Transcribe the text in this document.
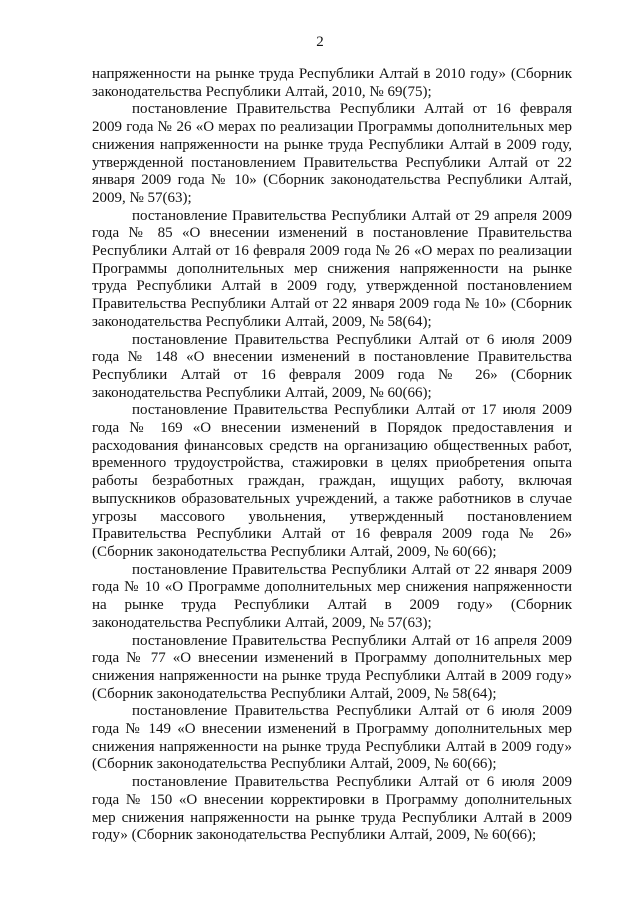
2

напряженности на рынке труда Республики Алтай в 2010 году» (Сборник законодательства Республики Алтай, 2010, № 69(75);

постановление Правительства Республики Алтай от 16 февраля 2009 года № 26 «О мерах по реализации Программы дополнительных мер снижения напряженности на рынке труда Республики Алтай в 2009 году, утвержденной постановлением Правительства Республики Алтай от 22 января 2009 года № 10» (Сборник законодательства Республики Алтай, 2009, № 57(63);

постановление Правительства Республики Алтай от 29 апреля 2009 года № 85 «О внесении изменений в постановление Правительства Республики Алтай от 16 февраля 2009 года № 26 «О мерах по реализации Программы дополнительных мер снижения напряженности на рынке труда Республики Алтай в 2009 году, утвержденной постановлением Правительства Республики Алтай от 22 января 2009 года № 10» (Сборник законодательства Республики Алтай, 2009, № 58(64);

постановление Правительства Республики Алтай от 6 июля 2009 года № 148 «О внесении изменений в постановление Правительства Республики Алтай от 16 февраля 2009 года № 26» (Сборник законодательства Республики Алтай, 2009, № 60(66);

постановление Правительства Республики Алтай от 17 июля 2009 года № 169 «О внесении изменений в Порядок предоставления и расходования финансовых средств на организацию общественных работ, временного трудоустройства, стажировки в целях приобретения опыта работы безработных граждан, граждан, ищущих работу, включая выпускников образовательных учреждений, а также работников в случае угрозы массового увольнения, утвержденный постановлением Правительства Республики Алтай от 16 февраля 2009 года № 26» (Сборник законодательства Республики Алтай, 2009, № 60(66);

постановление Правительства Республики Алтай от 22 января 2009 года № 10 «О Программе дополнительных мер снижения напряженности на рынке труда Республики Алтай в 2009 году» (Сборник законодательства Республики Алтай, 2009, № 57(63);

постановление Правительства Республики Алтай от 16 апреля 2009 года № 77 «О внесении изменений в Программу дополнительных мер снижения напряженности на рынке труда Республики Алтай в 2009 году» (Сборник законодательства Республики Алтай, 2009, № 58(64);

постановление Правительства Республики Алтай от 6 июля 2009 года № 149 «О внесении изменений в Программу дополнительных мер снижения напряженности на рынке труда Республики Алтай в 2009 году» (Сборник законодательства Республики Алтай, 2009, № 60(66);

постановление Правительства Республики Алтай от 6 июля 2009 года № 150 «О внесении корректировки в Программу дополнительных мер снижения напряженности на рынке труда Республики Алтай в 2009 году» (Сборник законодательства Республики Алтай, 2009, № 60(66);
